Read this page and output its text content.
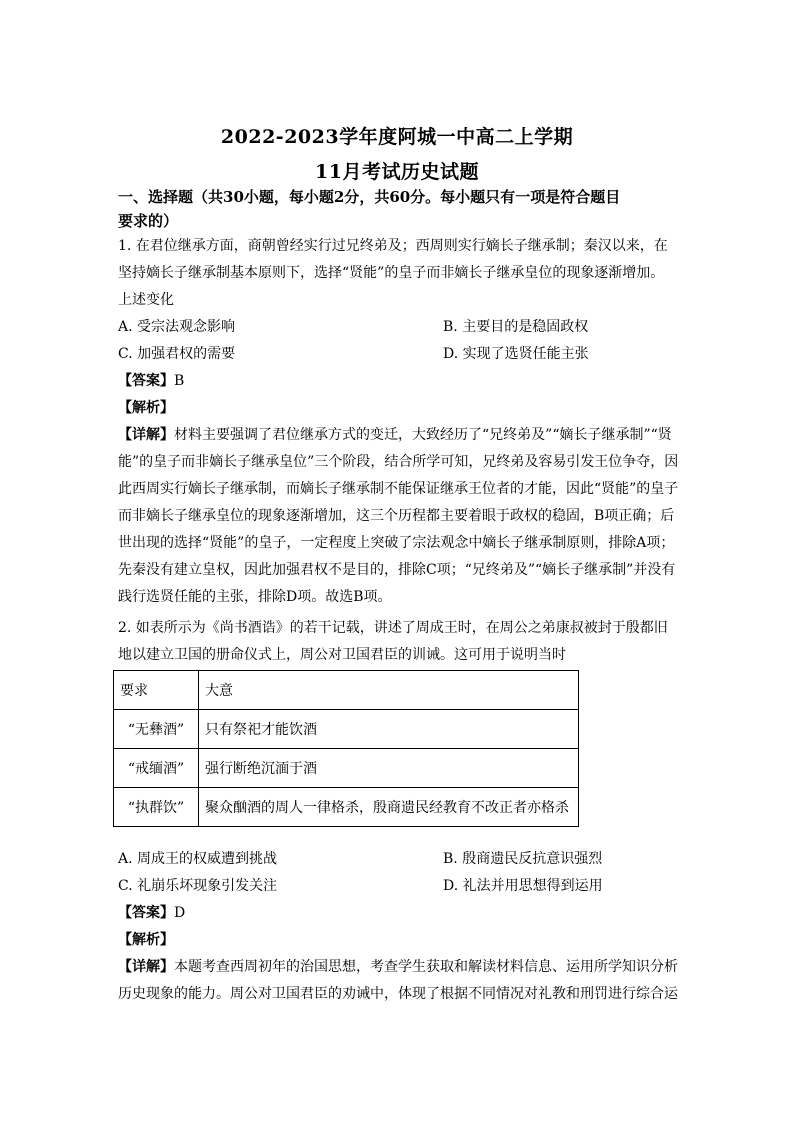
2022-2023学年度阿城一中高二上学期
11月考试历史试题
一、选择题（共30小题，每小题2分，共60分。每小题只有一项是符合题目
要求的）
1. 在君位继承方面，商朝曾经实行过兄终弟及；西周则实行嫡长子继承制；秦汉以来，在
坚持嫡长子继承制基本原则下，选择“贤能”的皇子而非嫡长子继承皇位的现象逐渐增加。
上述变化
A. 受宗法观念影响	B. 主要目的是稳固政权
C. 加强君权的需要	D. 实现了选贤任能主张
【答案】B
【解析】
【详解】材料主要强调了君位继承方式的变迁，大致经历了“兄终弟及”“嫡长子继承制”“贤
能”的皇子而非嫡长子继承皇位”三个阶段，结合所学可知，兄终弟及容易引发王位争夺，因
此西周实行嫡长子继承制，而嫡长子继承制不能保证继承王位者的才能，因此“贤能”的皇子
而非嫡长子继承皇位的现象逐渐增加，这三个历程都主要着眼于政权的稳固，B项正确；后
世出现的选择“贤能”的皇子，一定程度上突破了宗法观念中嫡长子继承制原则，排除A项；
先秦没有建立皇权，因此加强君权不是目的，排除C项；“兄终弟及”“嫡长子继承制”并没有
践行选贤任能的主张，排除D项。故选B项。
2. 如表所示为《尚书酒诰》的若干记载，讲述了周成王时，在周公之弟康叔被封于殷都旧
地以建立卫国的册命仪式上，周公对卫国君臣的训诫。这可用于说明当时
要求	大意
“无彝酒”	只有祭祀才能饮酒
“戒缅酒”	强行断绝沉湎于酒
“执群饮”	聚众酗酒的周人一律格杀，殷商遗民经教育不改正者亦格杀
A. 周成王的权威遭到挑战	B. 殷商遗民反抗意识强烈
C. 礼崩乐坏现象引发关注	D. 礼法并用思想得到运用
【答案】D
【解析】
【详解】本题考查西周初年的治国思想，考查学生获取和解读材料信息、运用所学知识分析
历史现象的能力。周公对卫国君臣的劝诫中，体现了根据不同情况对礼教和刑罚进行综合运
